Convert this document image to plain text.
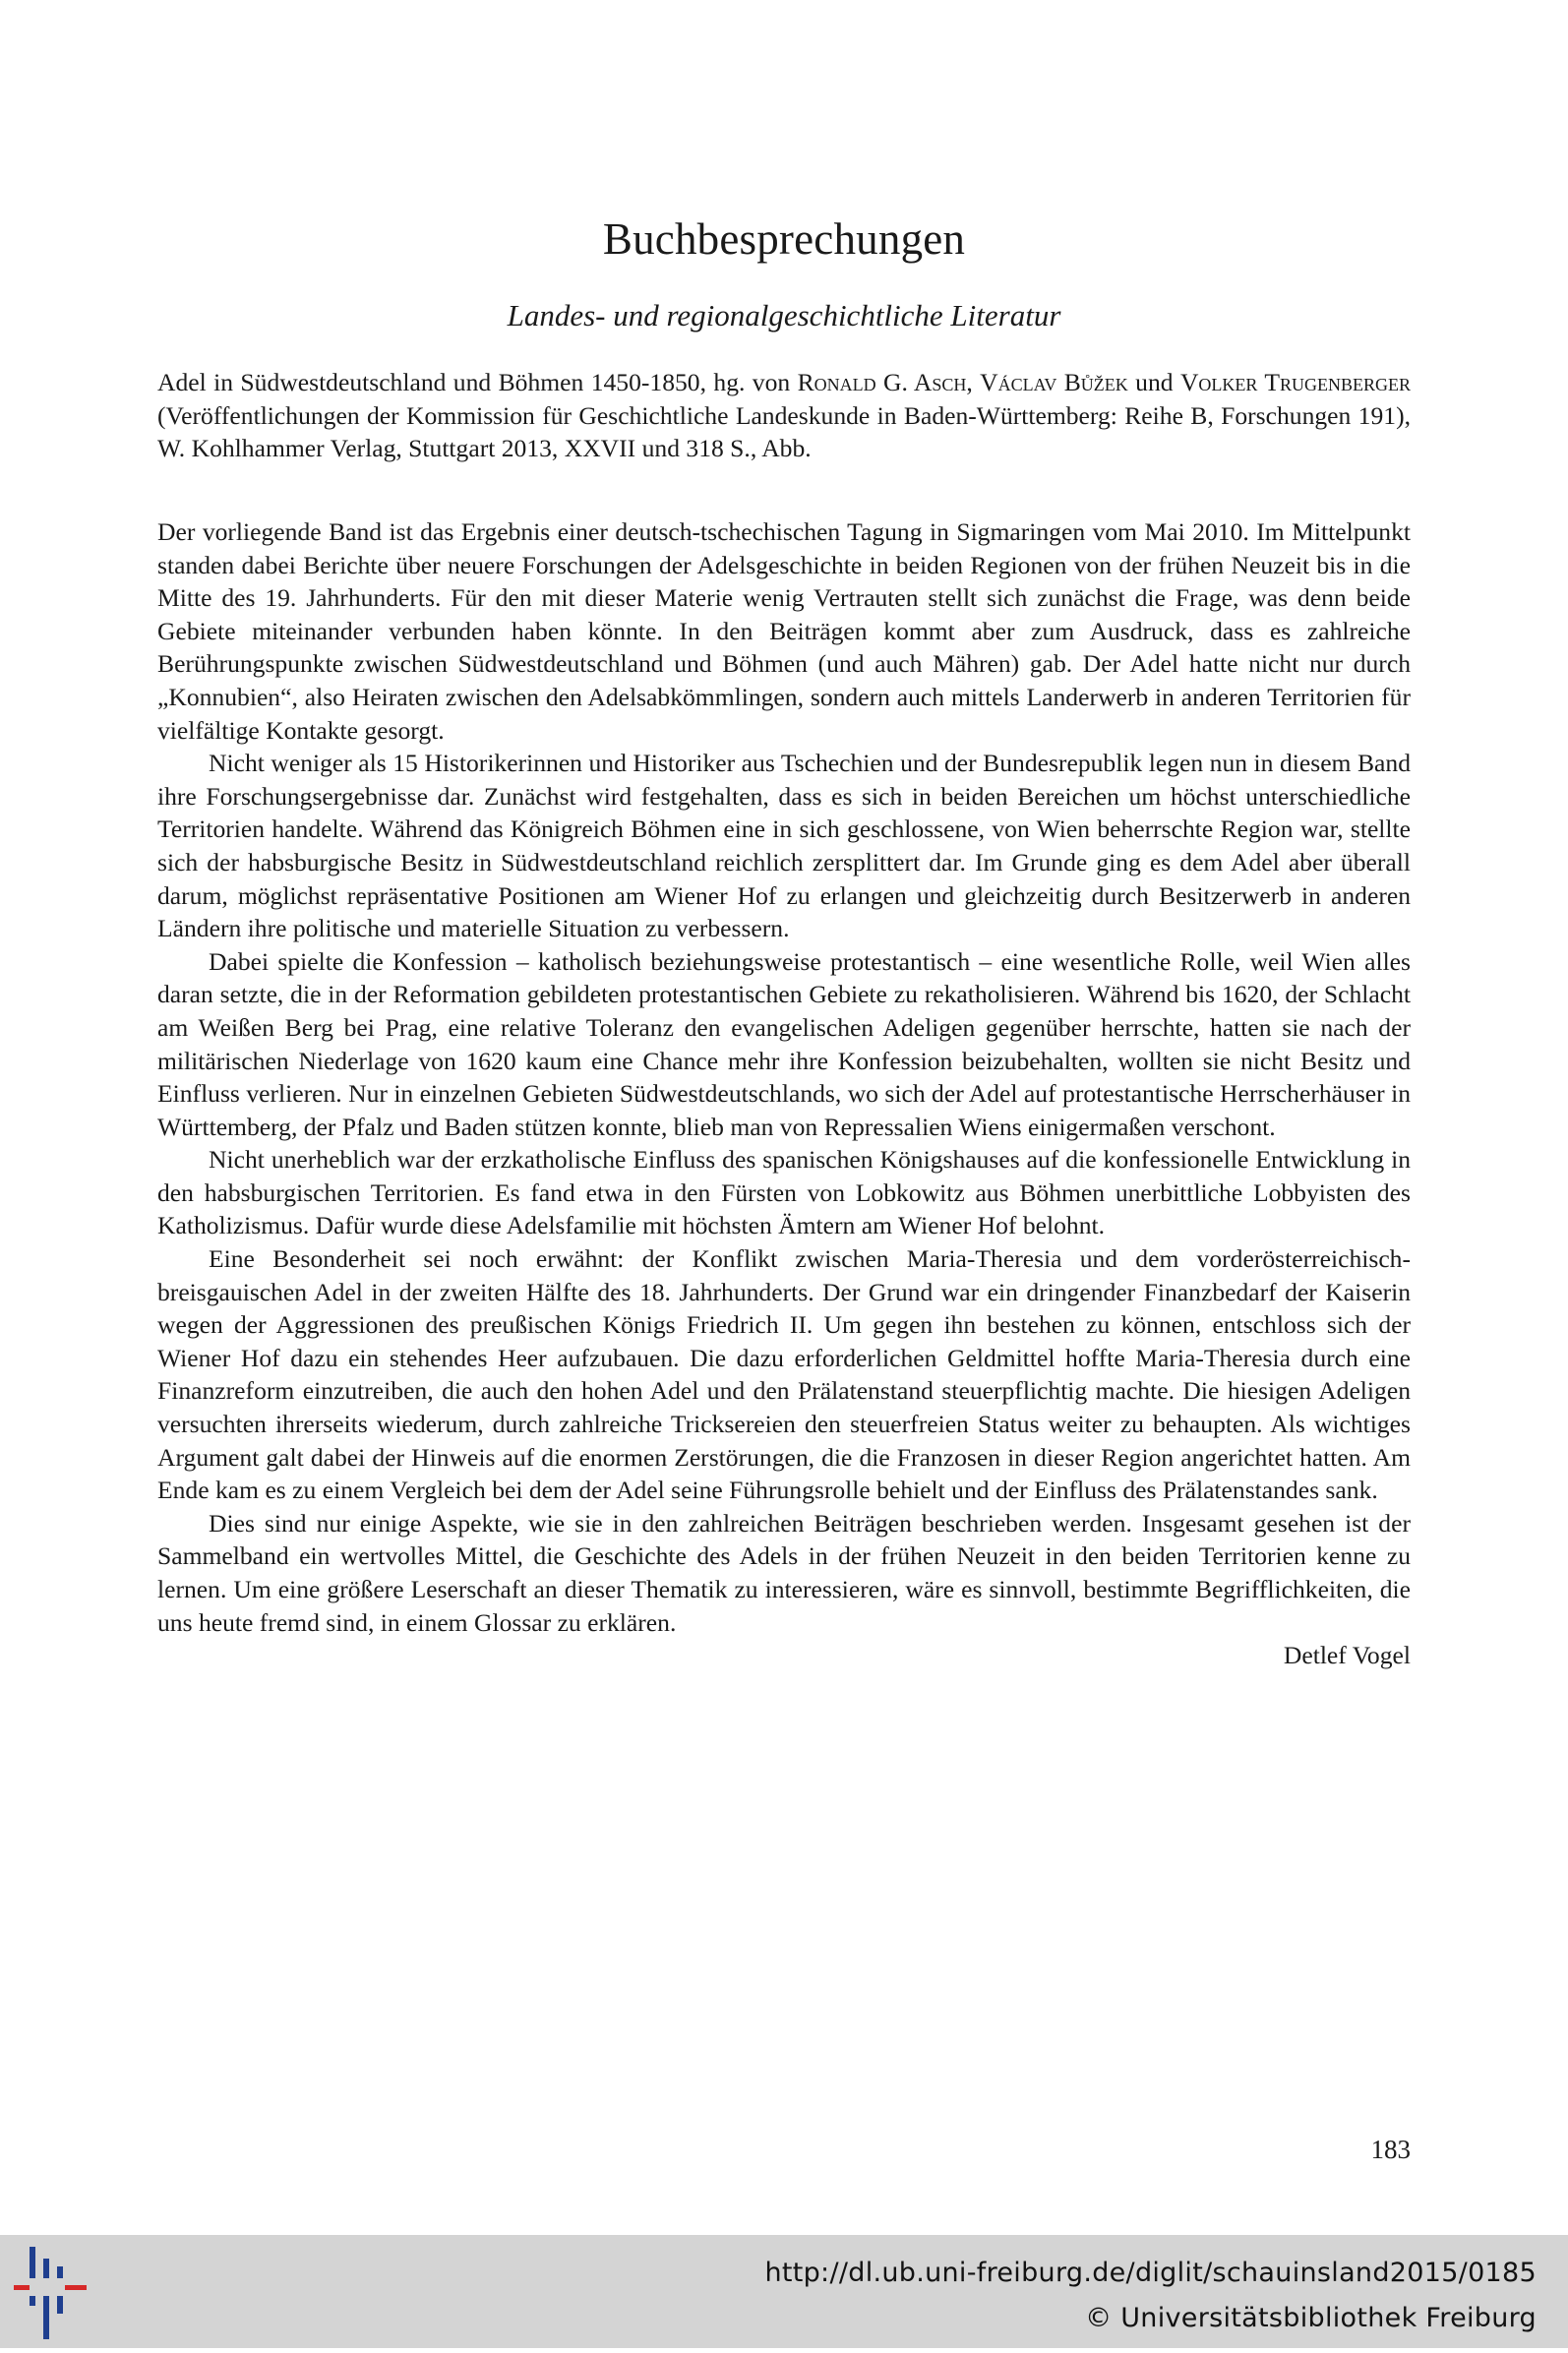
Buchbesprechungen
Landes- und regionalgeschichtliche Literatur
Adel in Südwestdeutschland und Böhmen 1450-1850, hg. von Ronald G. Asch, Václav Bůžek und Volker Trugenberger (Veröffentlichungen der Kommission für Geschichtliche Landeskunde in Baden-Württemberg: Reihe B, Forschungen 191), W. Kohlhammer Verlag, Stuttgart 2013, XXVII und 318 S., Abb.

Der vorliegende Band ist das Ergebnis einer deutsch-tschechischen Tagung in Sigmaringen vom Mai 2010. Im Mittelpunkt standen dabei Berichte über neuere Forschungen der Adelsgeschichte in beiden Regionen von der frühen Neuzeit bis in die Mitte des 19. Jahrhunderts. Für den mit dieser Materie wenig Vertrauten stellt sich zunächst die Frage, was denn beide Gebiete miteinander verbunden haben könnte. In den Beiträgen kommt aber zum Ausdruck, dass es zahlreiche Berührungspunkte zwischen Südwestdeutschland und Böhmen (und auch Mähren) gab. Der Adel hatte nicht nur durch „Konnubien“, also Heiraten zwischen den Adelsabkömmlingen, sondern auch mittels Landerwerb in anderen Territorien für vielfältige Kontakte gesorgt.

Nicht weniger als 15 Historikerinnen und Historiker aus Tschechien und der Bundesrepublik legen nun in diesem Band ihre Forschungsergebnisse dar. Zunächst wird festgehalten, dass es sich in beiden Bereichen um höchst unterschiedliche Territorien handelte. Während das Königreich Böhmen eine in sich geschlossene, von Wien beherrschte Region war, stellte sich der habsburgische Besitz in Südwestdeutschland reichlich zersplittert dar. Im Grunde ging es dem Adel aber überall darum, möglichst repräsentative Positionen am Wiener Hof zu erlangen und gleichzeitig durch Besitzerwerb in anderen Ländern ihre politische und materielle Situation zu verbessern.

Dabei spielte die Konfession – katholisch beziehungsweise protestantisch – eine wesentliche Rolle, weil Wien alles daran setzte, die in der Reformation gebildeten protestantischen Gebiete zu rekatholisieren. Während bis 1620, der Schlacht am Weißen Berg bei Prag, eine relative Toleranz den evangelischen Adeligen gegenüber herrschte, hatten sie nach der militärischen Niederlage von 1620 kaum eine Chance mehr ihre Konfession beizubehalten, wollten sie nicht Besitz und Einfluss verlieren. Nur in einzelnen Gebieten Südwestdeutschlands, wo sich der Adel auf protestantische Herrscherhäuser in Württemberg, der Pfalz und Baden stützen konnte, blieb man von Repressalien Wiens einigermaßen verschont.

Nicht unerheblich war der erzkatholische Einfluss des spanischen Königshauses auf die konfessionelle Entwicklung in den habsburgischen Territorien. Es fand etwa in den Fürsten von Lobkowitz aus Böhmen unerbittliche Lobbyisten des Katholizismus. Dafür wurde diese Adelsfamilie mit höchsten Ämtern am Wiener Hof belohnt.

Eine Besonderheit sei noch erwähnt: der Konflikt zwischen Maria-Theresia und dem vorderösterreichisch-breisgauischen Adel in der zweiten Hälfte des 18. Jahrhunderts. Der Grund war ein dringender Finanzbedarf der Kaiserin wegen der Aggressionen des preußischen Königs Friedrich II. Um gegen ihn bestehen zu können, entschloss sich der Wiener Hof dazu ein stehendes Heer aufzubauen. Die dazu erforderlichen Geldmittel hoffte Maria-Theresia durch eine Finanzreform einzutreiben, die auch den hohen Adel und den Prälatenstand steuerpflichtig machte. Die hiesigen Adeligen versuchten ihrerseits wiederum, durch zahlreiche Tricksereien den steuerfreien Status weiter zu behaupten. Als wichtiges Argument galt dabei der Hinweis auf die enormen Zerstörungen, die die Franzosen in dieser Region angerichtet hatten. Am Ende kam es zu einem Vergleich bei dem der Adel seine Führungsrolle behielt und der Einfluss des Prälatenstandes sank.

Dies sind nur einige Aspekte, wie sie in den zahlreichen Beiträgen beschrieben werden. Insgesamt gesehen ist der Sammelband ein wertvolles Mittel, die Geschichte des Adels in der frühen Neuzeit in den beiden Territorien kenne zu lernen. Um eine größere Leserschaft an dieser Thematik zu interessieren, wäre es sinnvoll, bestimmte Begrifflichkeiten, die uns heute fremd sind, in einem Glossar zu erklären.

Detlef Vogel

183
http://dl.ub.uni-freiburg.de/diglit/schauinsland2015/0185
© Universitätsbibliothek Freiburg
